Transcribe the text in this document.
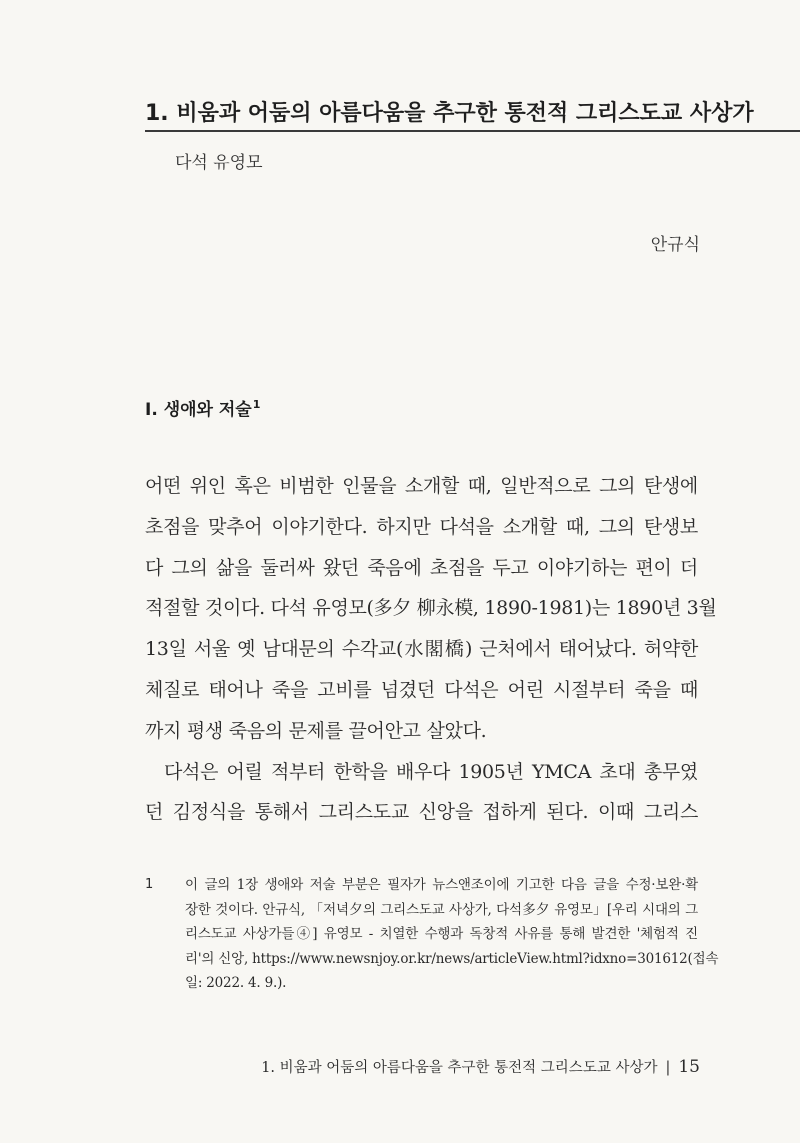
1. 비움과 어둠의 아름다움을 추구한 통전적 그리스도교 사상가

다석 유영모

안규식

I. 생애와 저술$^1$
어떤 위인 혹은 비범한 인물을 소개할 때, 일반적으로 그의 탄생에
초점을 맞추어 이야기한다. 하지만 다석을 소개할 때, 그의 탄생보
다 그의 삶을 둘러싸 왔던 죽음에 초점을 두고 이야기하는 편이 더
적절할 것이다. 다석 유영모(多夕 柳永模, 1890-1981)는 1890년 3월
13일 서울 옛 남대문의 수각교(水閣橋) 근처에서 태어났다. 허약한
체질로 태어나 죽을 고비를 넘겼던 다석은 어린 시절부터 죽을 때
까지 평생 죽음의 문제를 끌어안고 살았다.
다석은 어릴 적부터 한학을 배우다 1905년 YMCA 초대 총무였
던 김정식을 통해서 그리스도교 신앙을 접하게 된다. 이때 그리스
1 이 글의 1장 생애와 저술 부분은 필자가 뉴스앤조이에 기고한 다음 글을 수정·보완·확
장한 것이다. 안규식, 「저녁夕의 그리스도교 사상가, 다석多夕 유영모」[우리 시대의 그
리스도교 사상가들④] 유영모 - 치열한 수행과 독창적 사유를 통해 발견한 '체험적 진
리'의 신앙, https://www.newsnjoy.or.kr/news/articleView.html?idxno=301612(접속
일: 2022. 4. 9.).
1. 비움과 어둠의 아름다움을 추구한 통전적 그리스도교 사상가 | 15
